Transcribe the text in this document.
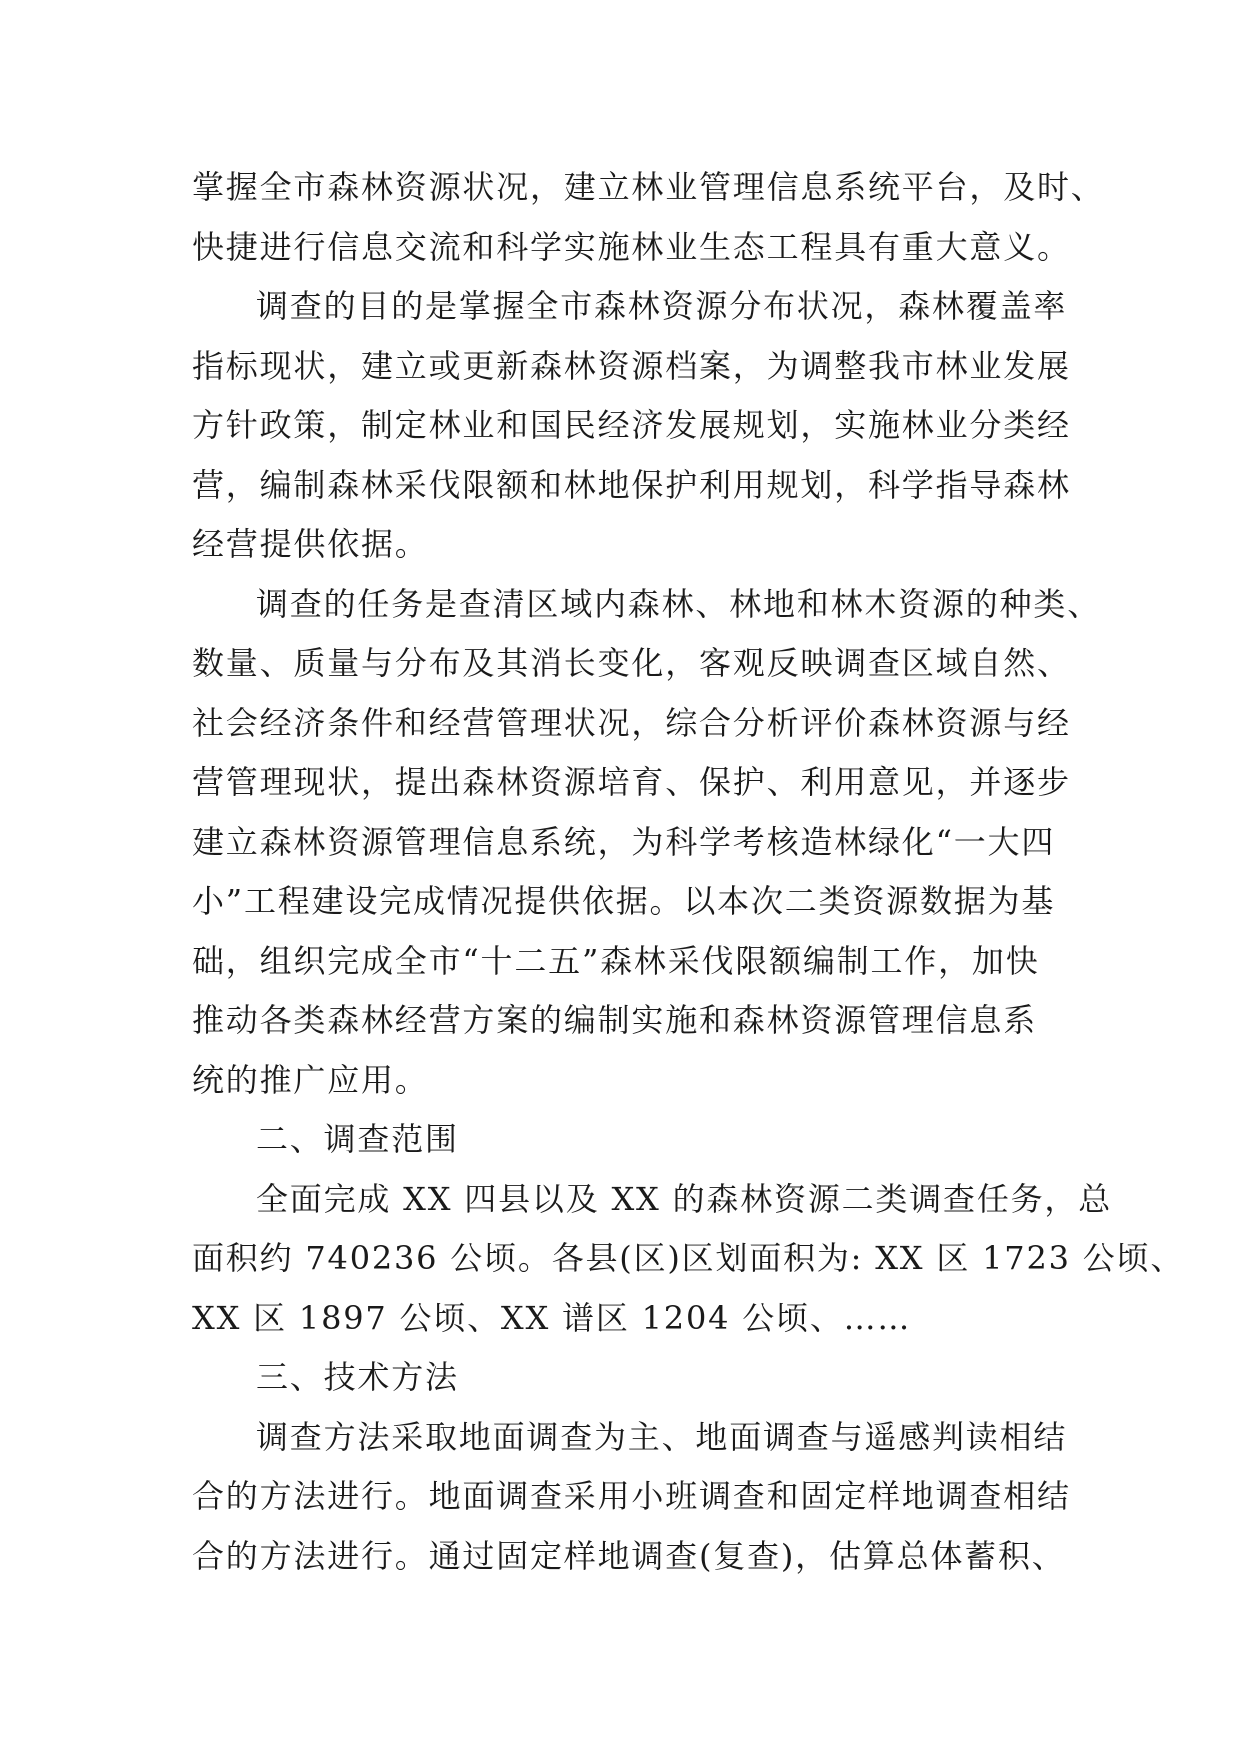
掌握全市森林资源状况，建立林业管理信息系统平台，及时、
快捷进行信息交流和科学实施林业生态工程具有重大意义。
调查的目的是掌握全市森林资源分布状况，森林覆盖率
指标现状，建立或更新森林资源档案，为调整我市林业发展
方针政策，制定林业和国民经济发展规划，实施林业分类经
营，编制森林采伐限额和林地保护利用规划，科学指导森林
经营提供依据。
调查的任务是查清区域内森林、林地和林木资源的种类、
数量、质量与分布及其消长变化，客观反映调查区域自然、
社会经济条件和经营管理状况，综合分析评价森林资源与经
营管理现状，提出森林资源培育、保护、利用意见，并逐步
建立森林资源管理信息系统，为科学考核造林绿化“一大四
小”工程建设完成情况提供依据。以本次二类资源数据为基
础，组织完成全市“十二五”森林采伐限额编制工作，加快
推动各类森林经营方案的编制实施和森林资源管理信息系
统的推广应用。
二、调查范围
全面完成 XX 四县以及 XX 的森林资源二类调查任务，总
面积约 740236 公顷。各县(区)区划面积为: XX 区 1723 公顷、
XX 区 1897 公顷、XX 谱区 1204 公顷、……
三、技术方法
调查方法采取地面调查为主、地面调查与遥感判读相结
合的方法进行。地面调查采用小班调查和固定样地调查相结
合的方法进行。通过固定样地调查(复查)，估算总体蓄积、
